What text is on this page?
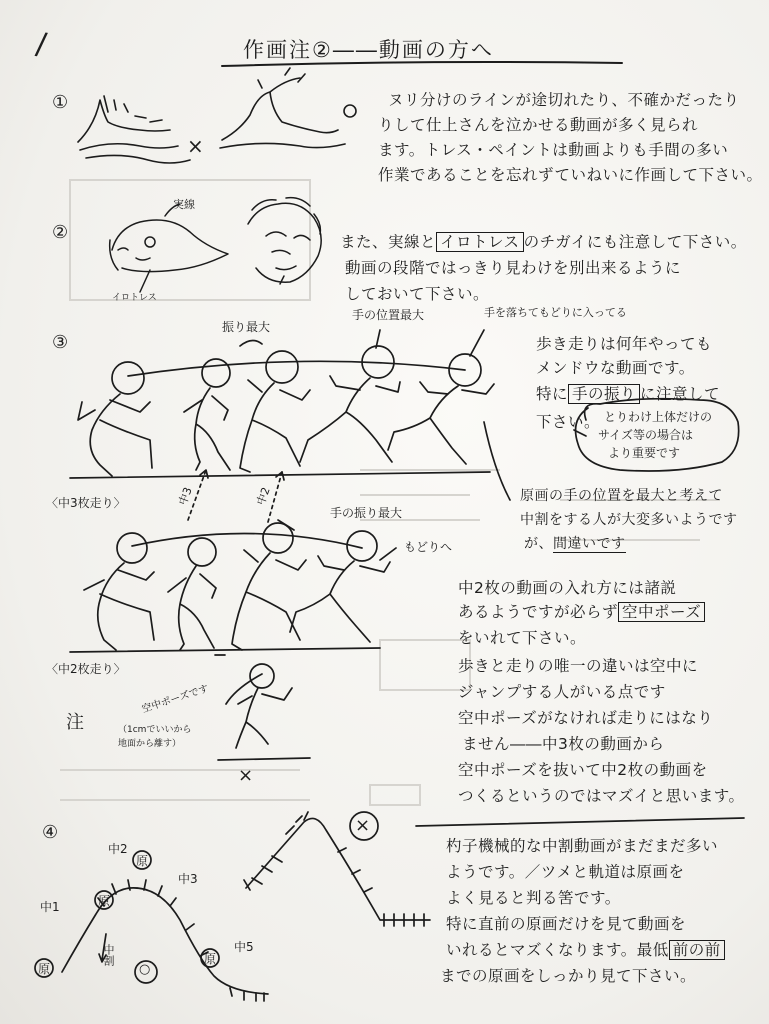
/	作画注②――動画の方へ
①
×
ヌリ分けのラインが途切れたり、不確かだったり
りして仕上さんを泣かせる動画が多く見られ
ます。トレス・ペイントは動画よりも手間の多い
作業であることを忘れずていねいに作画して下さい。
②
実線
イロトレス
また、実線と イロトレス のチガイにも注意して下さい。
動画の段階ではっきり見わけを別出来るように
しておいて下さい。
③
振り最大
手の位置最大	手を落ちてもどりに入ってる
〈中3枚走り〉	中3	中2
手の振り最大
もどりへ
〈中2枚走り〉
歩き走りは何年やっても
メンドウな動画です。
特に 手の振り に注意して
下さい。 とりわけ上体だけの
サイズ等の場合は
より重要です
原画の手の位置を最大と考えて
中割をする人が大変多いようです
が、間違いです
中2枚の動画の入れ方には諸説
あるようですが必らず 空中ポーズ
をいれて下さい。
歩きと走りの唯一の違いは空中に
ジャンプする人がいる点です
空中ポーズがなければ走りにはなり
ません――中3枚の動画から
空中ポーズを抜いて中2枚の動画を
つくるというのではマズイと思います。
注
空中ポーズです
（1cmでいいから
地面から離す）
×
④
○
×
原
原
原
原
中1
中2
中3
中5
中割
杓子機械的な中割動画がまだまだ多い
ようです。／ツメと軌道は原画を
よく見ると判る筈です。
特に直前の原画だけを見て動画を
いれるとマズくなります。最低 前の前
までの原画をしっかり見て下さい。
